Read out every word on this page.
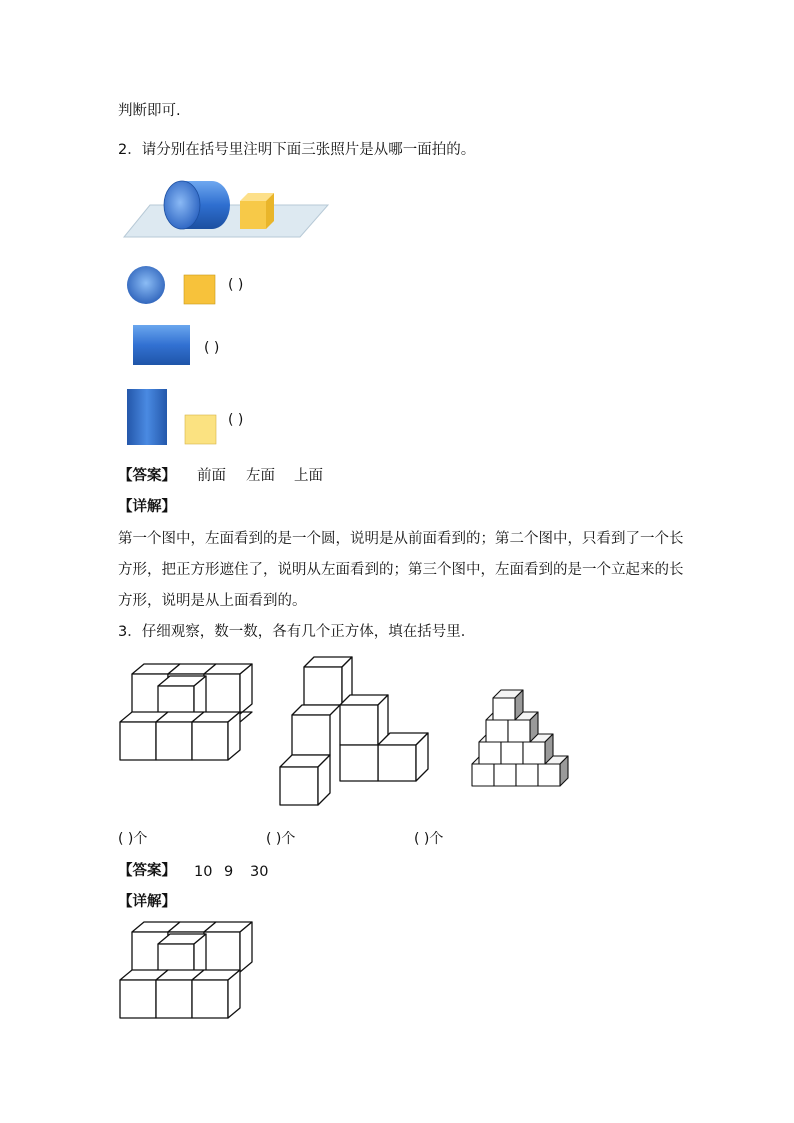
判断即可.
2．请分别在括号里注明下面三张照片是从哪一面拍的。
( )
( )
( )
【答案】 前面 左面 上面
【详解】
第一个图中，左面看到的是一个圆，说明是从前面看到的；第二个图中，只看到了一个长
方形，把正方形遮住了，说明从左面看到的；第三个图中，左面看到的是一个立起来的长
方形，说明是从上面看到的。
3．仔细观察，数一数，各有几个正方体，填在括号里．
( )个	( )个	( )个
【答案】 10 9 30
【详解】
